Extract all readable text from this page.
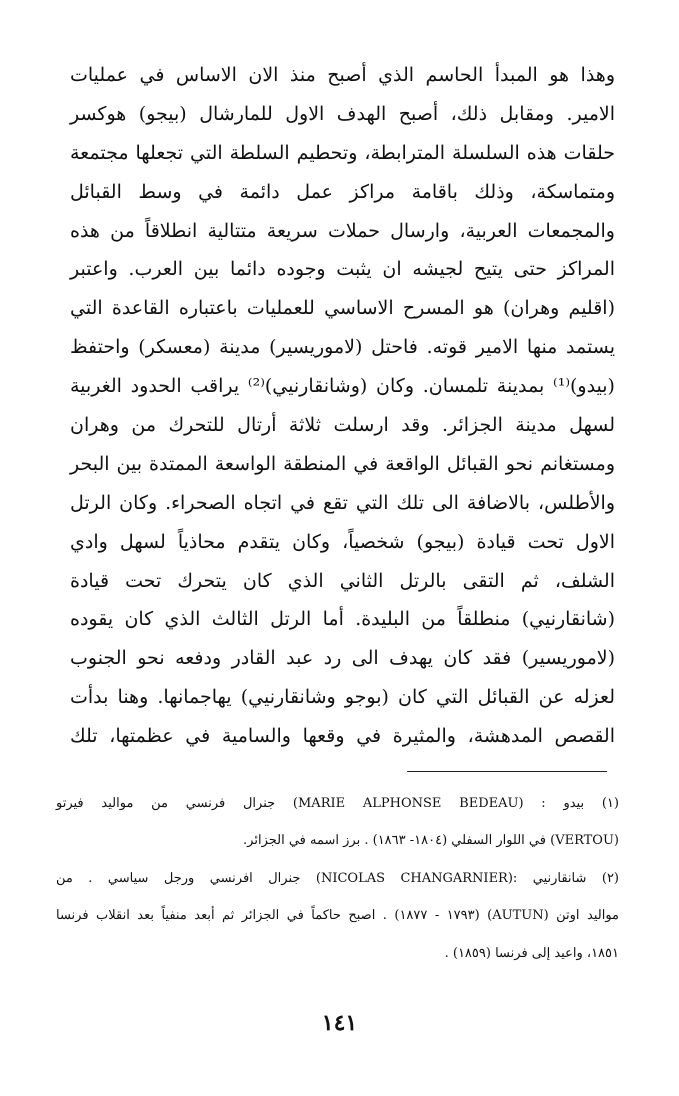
وهذا هو المبدأ الحاسم الذي أصبح منذ الان الاساس في عمليات
الامير. ومقابل ذلك، أصبح الهدف الاول للمارشال (بيجو) هوكسر
حلقات هذه السلسلة المترابطة، وتحطيم السلطة التي تجعلها مجتمعة
ومتماسكة، وذلك باقامة مراكز عمل دائمة في وسط القبائل
والمجمعات العربية، وارسال حملات سريعة متتالية انطلاقاً من هذه
المراكز حتى يتيح لجيشه ان يثبت وجوده دائما بين العرب. واعتبر
(اقليم وهران) هو المسرح الاساسي للعمليات باعتباره القاعدة التي
يستمد منها الامير قوته. فاحتل (لاموريسير) مدينة (معسكر) واحتفظ
(بيدو)⁽¹⁾ بمدينة تلمسان. وكان (وشانقارنيي)⁽²⁾ يراقب الحدود الغربية
لسهل مدينة الجزائر. وقد ارسلت ثلاثة أرتال للتحرك من وهران
ومستغانم نحو القبائل الواقعة في المنطقة الواسعة الممتدة بين البحر
والأطلس، بالاضافة الى تلك التي تقع في اتجاه الصحراء. وكان الرتل
الاول تحت قيادة (بيجو) شخصياً، وكان يتقدم محاذياً لسهل وادي
الشلف، ثم التقى بالرتل الثاني الذي كان يتحرك تحت قيادة
(شانقارنيي) منطلقاً من البليدة. أما الرتل الثالث الذي كان يقوده
(لاموريسير) فقد كان يهدف الى رد عبد القادر ودفعه نحو الجنوب
لعزله عن القبائل التي كان (بوجو وشانقارنيي) يهاجمانها. وهنا بدأت
القصص المدهشة، والمثيرة في وقعها والسامية في عظمتها، تلك
(١) بيدو : (MARIE ALPHONSE BEDEAU) جنرال فرنسي من مواليد فيرتو
(VERTOU) في اللوار السفلي (١٨٠٤- ١٨٦٣) . برز اسمه في الجزائر.
(٢) شانقارنيي :(NICOLAS CHANGARNIER) جنرال افرنسي ورجل سياسي . من
مواليد اوتن (AUTUN) (١٧٩٣ - ١٨٧٧) . اصبح حاكماً في الجزائر ثم أبعد منفياً بعد انقلاب فرنسا
١٨٥١، واعيد إلى فرنسا (١٨٥٩) .
١٤١
